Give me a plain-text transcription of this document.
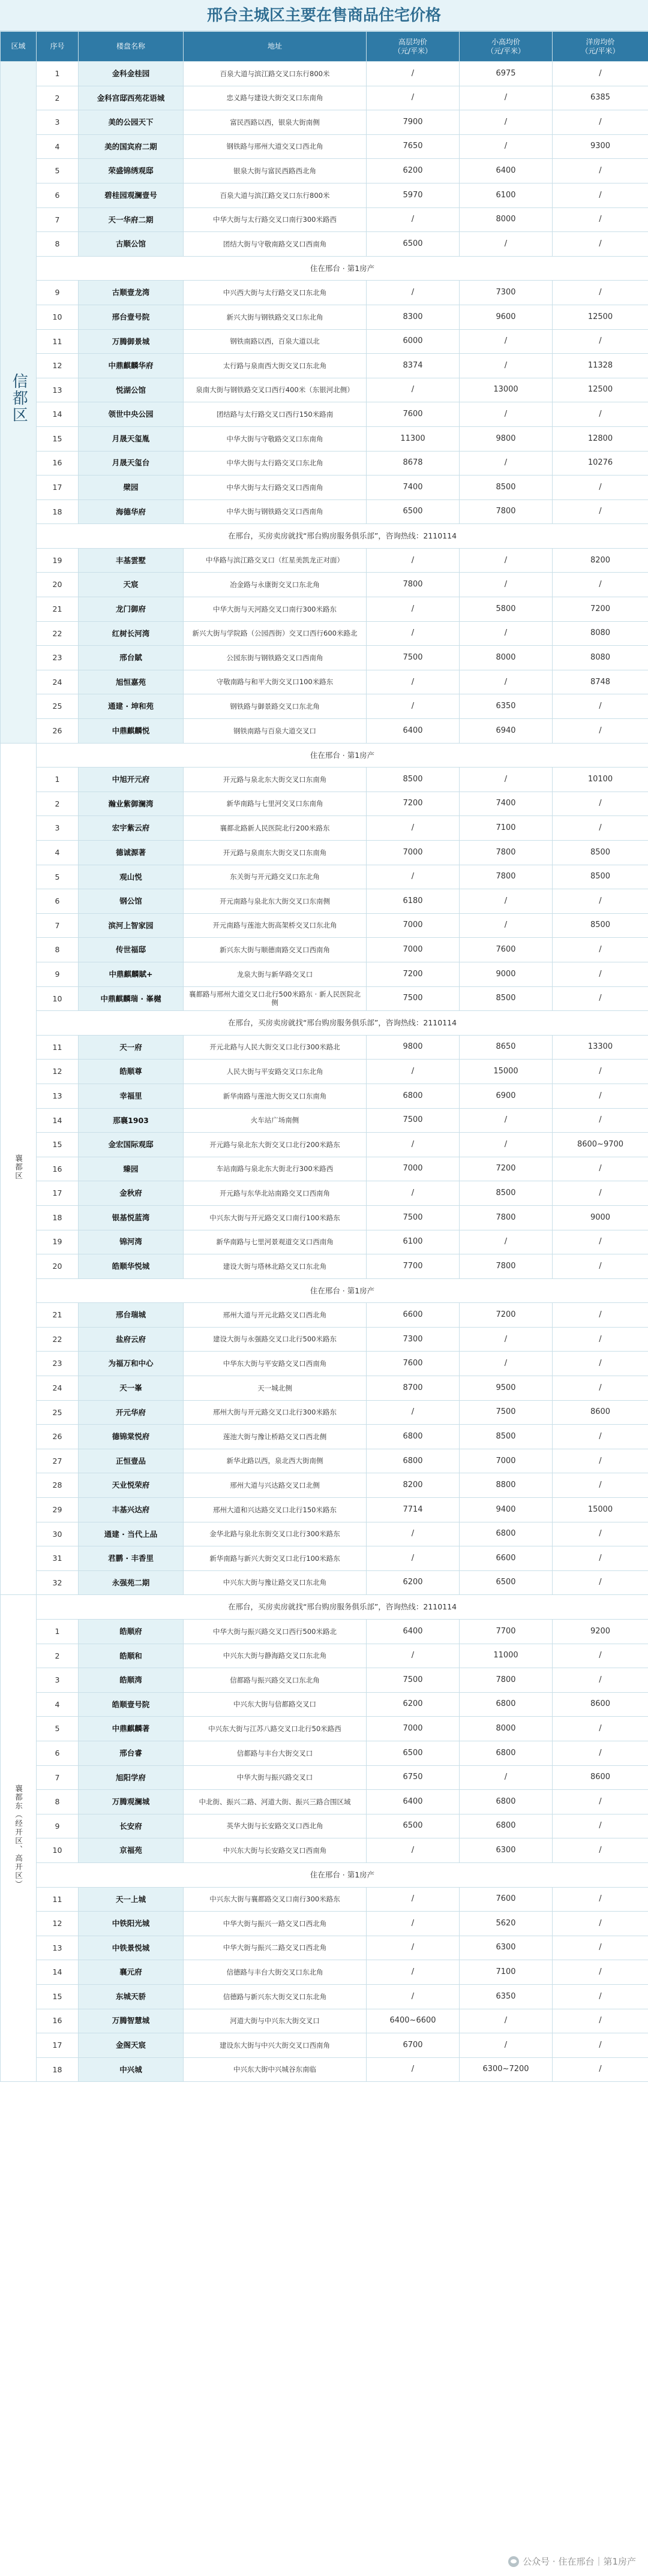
邢台主城区主要在售商品住宅价格
区域	序号	楼盘名称	地址	高层均价
（元/平米）	小高均价
（元/平米）	洋房均价
（元/平米）
信都区	1	金科金桂园	百泉大道与滨江路交叉口东行800米	/	6975	/
	2	金科宫邸西苑花语城	忠义路与建设大街交叉口东南角	/	/	6385
	3	美的公园天下	富民西路以西，银泉大街南侧	7900	/	/
	4	美的国宾府二期	钢铁路与邢州大道交叉口西北角	7650	/	9300
	5	荣盛锦绣观邸	银泉大街与富民西路西北角	6200	6400	/
	6	碧桂园观澜壹号	百泉大道与滨江路交叉口东行800米	5970	6100	/
	7	天一华府二期	中华大街与太行路交叉口南行300米路西	/	8000	/
	8	古顺公馆	团结大街与守敬南路交叉口西南角	6500	/	/
	住在邢台 · 第1房产					
	9	古顺壹龙湾	中兴西大街与太行路交叉口东北角	/	7300	/
	10	邢台壹号院	新兴大街与钢铁路交叉口东北角	8300	9600	12500
	11	万腾御景城	钢铁南路以西，百泉大道以北	6000	/	/
	12	中鼎麒麟华府	太行路与泉南西大街交叉口东北角	8374	/	11328
	13	悦湖公馆	泉南大街与钢铁路交叉口西行400米（东银河北侧）	/	13000	12500
	14	领世中央公园	团结路与太行路交叉口西行150米路南	7600	/	/
	15	月晟天玺胤	中华大街与守敬路交叉口东南角	11300	9800	12800
	16	月晟天玺台	中华大街与太行路交叉口东北角	8678	/	10276
	17	檗园	中华大街与太行路交叉口西南角	7400	8500	/
	18	海德华府	中华大街与钢铁路交叉口西南角	6500	7800	/
	在邢台，买房卖房就找“邢台购房服务俱乐部”，咨询热线：2110114					
	19	丰基雲墅	中华路与滨江路交叉口（红星美凯龙正对面）	/	/	8200
	20	天宸	冶金路与永康街交叉口东北角	7800	/	/
	21	龙门御府	中华大街与天河路交叉口南行300米路东	/	5800	7200
	22	红树长河湾	新兴大街与学院路（公园西街）交叉口西行600米路北	/	/	8080
	23	邢台賦	公园东街与钢铁路交叉口西南角	7500	8000	8080
	24	旭恒嘉苑	守敬南路与和平大街交叉口100米路东	/	/	8748
	25	通建 · 坤和苑	钢铁路与御景路交叉口东北角	/	6350	/
	26	中鼎麒麟悦	钢铁南路与百泉大道交叉口	6400	6940	/
襄都区	住在邢台 · 第1房产					
	1	中旭开元府	开元路与泉北东大街交叉口东南角	8500	/	10100
	2	瀚业紫御澜湾	新华南路与七里河交叉口东南角	7200	7400	/
	3	宏宇紫云府	襄都北路新人民医院北行200米路东	/	7100	/
	4	德诚源著	开元路与泉南东大街交叉口东南角	7000	7800	8500
	5	观山悦	东关街与开元路交叉口东北角	/	7800	8500
	6	钢公馆	开元南路与泉北东大街交叉口东南侧	6180	/	/
	7	滨河上智家园	开元南路与莲池大街高架桥交叉口东北角	7000	/	8500
	8	传世福邸	新兴东大街与顺德南路交叉口西南角	7000	7600	/
	9	中鼎麒麟賦+	龙泉大街与新华路交叉口	7200	9000	/
	10	中鼎麒麟瑞 · 峯樾	襄都路与邢州大道交叉口北行500米路东 · 新人民医院北侧	7500	8500	/
	在邢台，买房卖房就找“邢台购房服务俱乐部”，咨询热线：2110114					
	11	天一府	开元北路与人民大街交叉口北行300米路北	9800	8650	13300
	12	皓顺尊	人民大街与平安路交叉口东北角	/	15000	/
	13	幸福里	新华南路与莲池大街交叉口东南角	6800	6900	/
	14	那襄1903	火车站广场南侧	7500	/	/
	15	金宏国际观邸	开元路与泉北东大街交叉口北行200米路东	/	/	8600~9700
	16	臻园	车站南路与泉北东大街北行300米路西	7000	7200	/
	17	金秋府	开元路与东华北站南路交叉口西南角	/	8500	/
	18	银基悦蓝湾	中兴东大街与开元路交叉口南行100米路东	7500	7800	9000
	19	锦河湾	新华南路与七里河景观道交叉口西南角	6100	/	/
	20	皓顺华悦城	建设大街与塔林北路交叉口东北角	7700	7800	/
	住在邢台 · 第1房产					
	21	邢台瑞城	邢州大道与开元北路交叉口西北角	6600	7200	/
	22	盐府云府	建设大街与永强路交叉口北行500米路东	7300	/	/
	23	为福万和中心	中华东大街与平安路交叉口西南角	7600	/	/
	24	天一峯	天一城北侧	8700	9500	/
	25	开元华府	邢州大街与开元路交叉口北行300米路东	/	7500	8600
	26	德锦棠悦府	莲池大街与豫让桥路交叉口西北侧	6800	8500	/
	27	正恒壹品	新华北路以西，泉北西大街南侧	6800	7000	/
	28	天业悦荣府	邢州大道与兴达路交叉口北侧	8200	8800	/
	29	丰基兴达府	邢州大道和兴达路交叉口北行150米路东	7714	9400	15000
	30	通建 · 当代上品	金华北路与泉北东街交叉口北行300米路东	/	6800	/
	31	君鹏 · 丰香里	新华南路与新兴大街交叉口北行100米路东	/	6600	/
	32	永强苑二期	中兴东大街与豫让路交叉口东北角	6200	6500	/
襄都东（经开区、高开区）	在邢台，买房卖房就找“邢台购房服务俱乐部”，咨询热线：2110114					
	1	皓顺府	中华大街与振兴路交叉口西行500米路北	6400	7700	9200
	2	皓顺和	中兴东大街与静海路交叉口东北角	/	11000	/
	3	皓顺湾	信都路与振兴路交叉口东北角	7500	7800	/
	4	皓顺壹号院	中兴东大街与信都路交叉口	6200	6800	8600
	5	中鼎麒麟著	中兴东大街与江苏八路交叉口北行50米路西	7000	8000	/
	6	邢台睿	信都路与丰台大街交叉口	6500	6800	/
	7	旭阳学府	中华大街与振兴路交叉口	6750	/	8600
	8	万腾观澜城	中北街、振兴二路、河道大街、振兴三路合围区域	6400	6800	/
	9	长安府	英华大街与长安路交叉口西北角	6500	6800	/
	10	京福苑	中兴东大街与长安路交叉口西南角	/	6300	/
	住在邢台 · 第1房产					
	11	天一上城	中兴东大街与襄都路交叉口南行300米路东	/	7600	/
	12	中铁阳光城	中华大街与振兴一路交叉口西北角	/	5620	/
	13	中铁景悦城	中华大街与振兴二路交叉口西北角	/	6300	/
	14	襄元府	信德路与丰台大街交叉口东北角	/	7100	/
	15	东城天骄	信德路与新兴东大街交叉口东北角	/	6350	/
	16	万腾智慧城	河道大街与中兴东大街交叉口	6400~6600	/	/
	17	金阁天宸	建设东大街与中兴大街交叉口西南角	6700	/	/
	18	中兴城	中兴东大街中兴城谷东南临	/	6300~7200	/
公众号 · 住在邢台｜第1房产
